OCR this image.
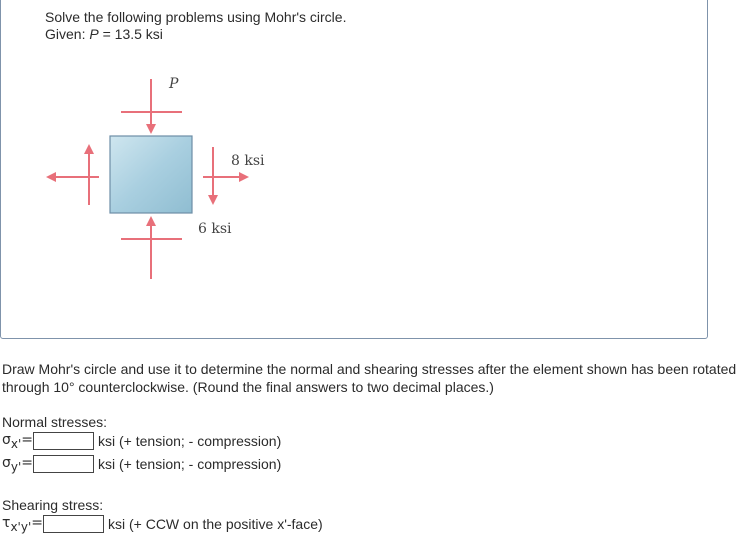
Solve the following problems using Mohr's circle.
Given: P = 13.5 ksi
P
8 ksi
6 ksi
Draw Mohr's circle and use it to determine the normal and shearing stresses after the element shown has been rotated through 10° counterclockwise. (Round the final answers to two decimal places.)
Normal stresses:
$\sigma_{x'}=$	ksi (+ tension; - compression)
$\sigma_{y'}=$	ksi (+ tension; - compression)
Shearing stress:
$\tau_{x'y'}=$	ksi (+ CCW on the positive x'-face)
